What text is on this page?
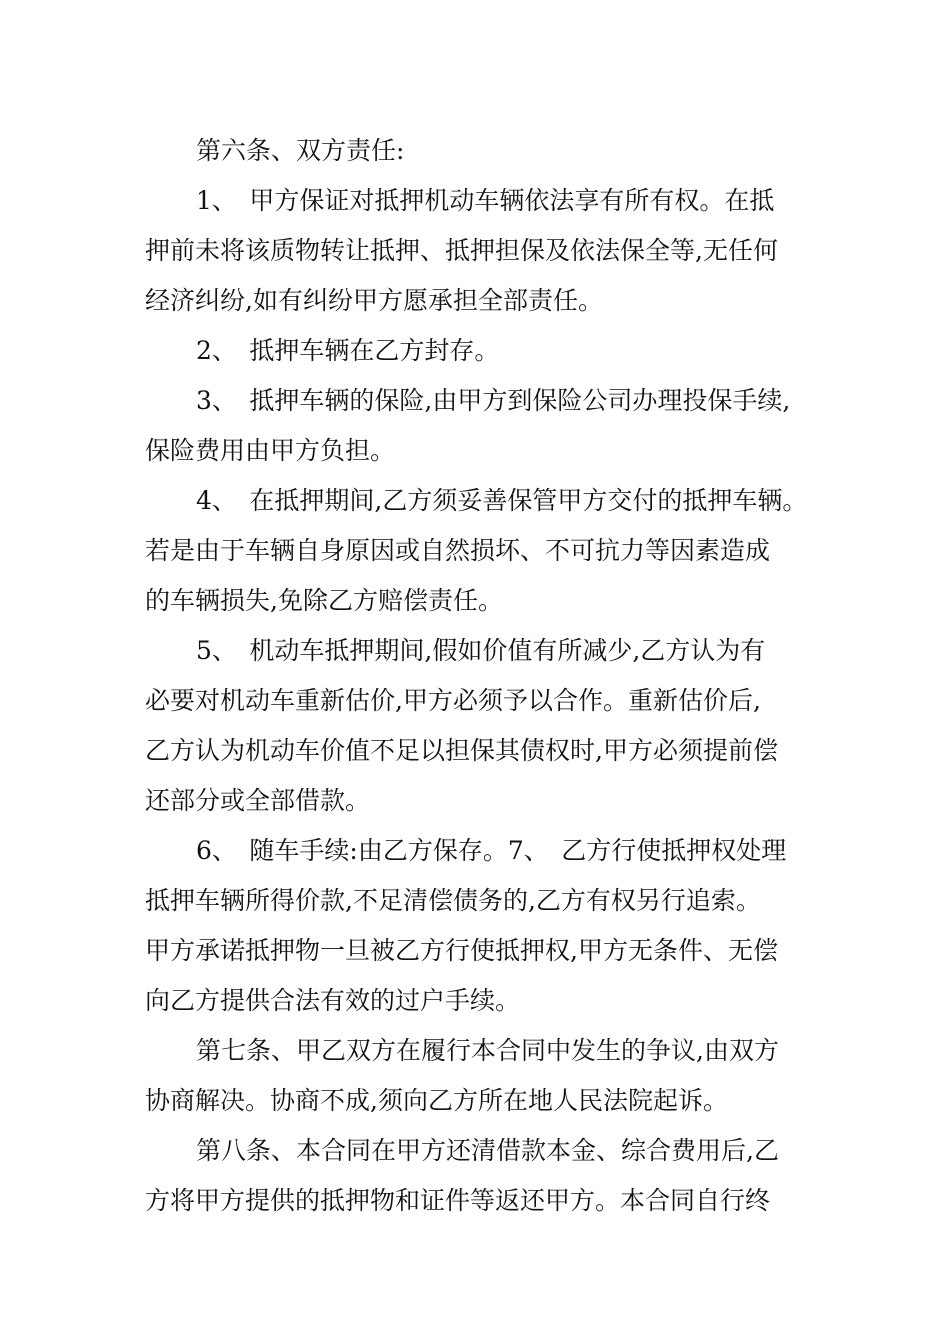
第六条、双方责任:
1、　甲方保证对抵押机动车辆依法享有所有权。在抵
押前未将该质物转让抵押、抵押担保及依法保全等,无任何
经济纠纷,如有纠纷甲方愿承担全部责任。
2、　抵押车辆在乙方封存。
3、　抵押车辆的保险,由甲方到保险公司办理投保手续,
保险费用由甲方负担。
4、　在抵押期间,乙方须妥善保管甲方交付的抵押车辆。
若是由于车辆自身原因或自然损坏、不可抗力等因素造成
的车辆损失,免除乙方赔偿责任。
5、　机动车抵押期间,假如价值有所减少,乙方认为有
必要对机动车重新估价,甲方必须予以合作。重新估价后,
乙方认为机动车价值不足以担保其债权时,甲方必须提前偿
还部分或全部借款。
6、　随车手续:由乙方保存。7、　乙方行使抵押权处理
抵押车辆所得价款,不足清偿债务的,乙方有权另行追索。
甲方承诺抵押物一旦被乙方行使抵押权,甲方无条件、无偿
向乙方提供合法有效的过户手续。
第七条、甲乙双方在履行本合同中发生的争议,由双方
协商解决。协商不成,须向乙方所在地人民法院起诉。
第八条、本合同在甲方还清借款本金、综合费用后,乙
方将甲方提供的抵押物和证件等返还甲方。本合同自行终
